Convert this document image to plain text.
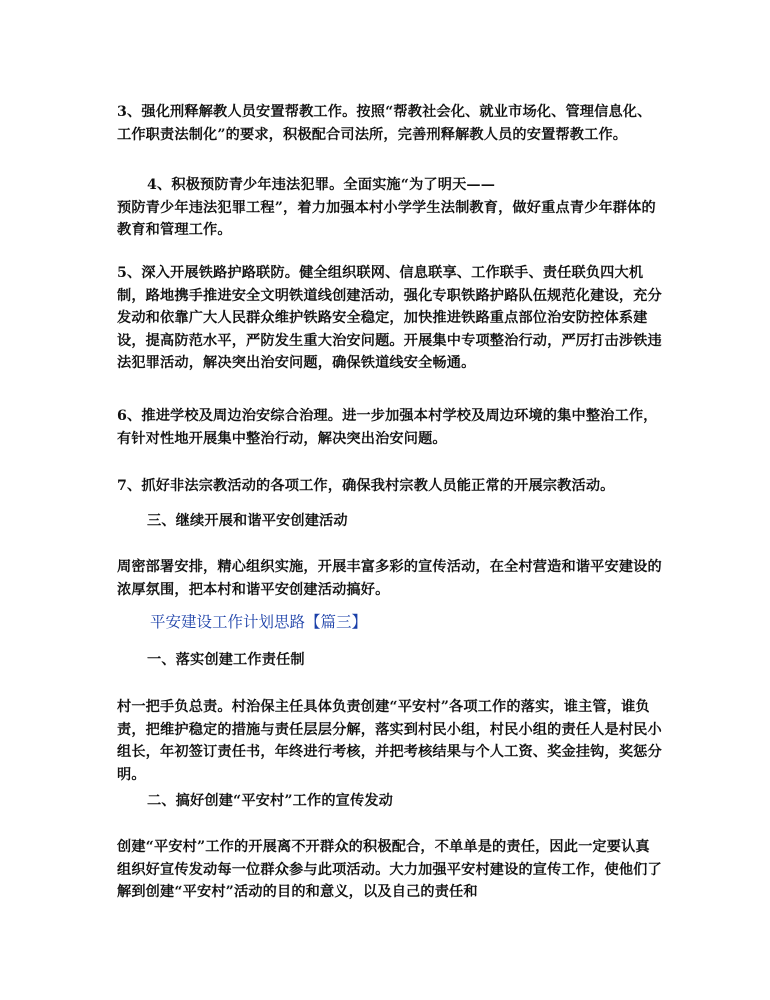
3、强化刑释解教人员安置帮教工作。按照“帮教社会化、就业市场化、管理信息化、工作职责法制化”的要求，积极配合司法所，完善刑释解教人员的安置帮教工作。
4、积极预防青少年违法犯罪。全面实施“为了明天——
预防青少年违法犯罪工程”，着力加强本村小学学生法制教育，做好重点青少年群体的教育和管理工作。
5、深入开展铁路护路联防。健全组织联网、信息联享、工作联手、责任联负四大机制，路地携手推进安全文明铁道线创建活动，强化专职铁路护路队伍规范化建设，充分发动和依靠广大人民群众维护铁路安全稳定，加快推进铁路重点部位治安防控体系建设，提高防范水平，严防发生重大治安问题。开展集中专项整治行动，严厉打击涉铁违法犯罪活动，解决突出治安问题，确保铁道线安全畅通。
6、推进学校及周边治安综合治理。进一步加强本村学校及周边环境的集中整治工作，有针对性地开展集中整治行动，解决突出治安问题。
7、抓好非法宗教活动的各项工作，确保我村宗教人员能正常的开展宗教活动。
三、继续开展和谐平安创建活动
周密部署安排，精心组织实施，开展丰富多彩的宣传活动，在全村营造和谐平安建设的浓厚氛围，把本村和谐平安创建活动搞好。
平安建设工作计划思路【篇三】
一、落实创建工作责任制
村一把手负总责。村治保主任具体负责创建“平安村”各项工作的落实，谁主管，谁负责，把维护稳定的措施与责任层层分解，落实到村民小组，村民小组的责任人是村民小组长，年初签订责任书，年终进行考核，并把考核结果与个人工资、奖金挂钩，奖惩分明。
二、搞好创建“平安村”工作的宣传发动
创建“平安村”工作的开展离不开群众的积极配合，不单单是的责任，因此一定要认真组织好宣传发动每一位群众参与此项活动。大力加强平安村建设的宣传工作，使他们了解到创建“平安村”活动的目的和意义，以及自己的责任和
